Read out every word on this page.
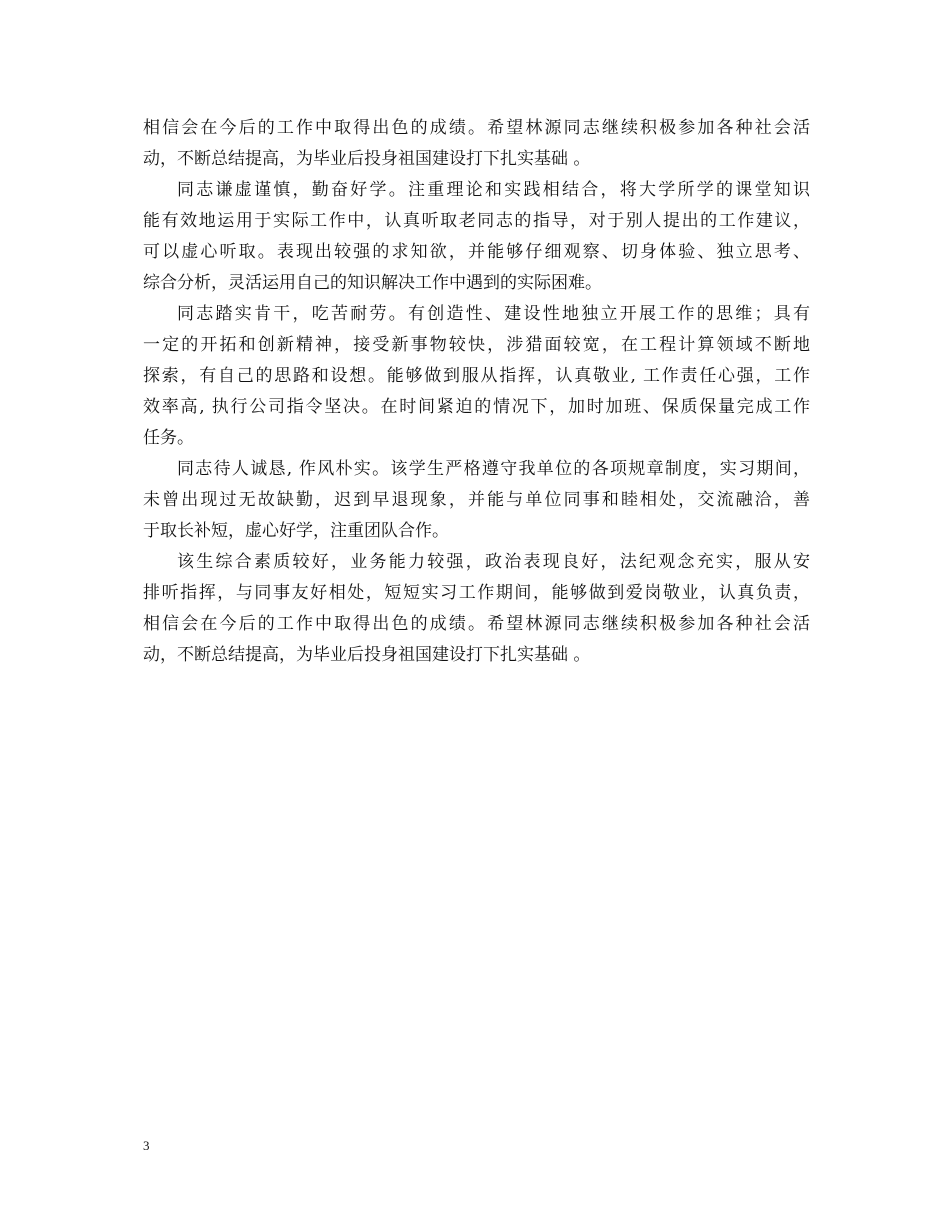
相信会在今后的工作中取得出色的成绩。希望林源同志继续积极参加各种社会活
动，不断总结提高，为毕业后投身祖国建设打下扎实基础 。
同志谦虚谨慎，勤奋好学。注重理论和实践相结合，将大学所学的课堂知识
能有效地运用于实际工作中，认真听取老同志的指导，对于别人提出的工作建议，
可以虚心听取。表现出较强的求知欲，并能够仔细观察、切身体验、独立思考、
综合分析，灵活运用自己的知识解决工作中遇到的实际困难。
同志踏实肯干，吃苦耐劳。有创造性、建设性地独立开展工作的思维；具有
一定的开拓和创新精神，接受新事物较快，涉猎面较宽，在工程计算领域不断地
探索，有自己的思路和设想。能够做到服从指挥，认真敬业, 工作责任心强，工作
效率高, 执行公司指令坚决。在时间紧迫的情况下，加时加班、保质保量完成工作
任务。
同志待人诚恳, 作风朴实。该学生严格遵守我单位的各项规章制度，实习期间，
未曾出现过无故缺勤，迟到早退现象，并能与单位同事和睦相处，交流融洽，善
于取长补短，虚心好学，注重团队合作。
该生综合素质较好，业务能力较强，政治表现良好，法纪观念充实，服从安
排听指挥，与同事友好相处，短短实习工作期间，能够做到爱岗敬业，认真负责，
相信会在今后的工作中取得出色的成绩。希望林源同志继续积极参加各种社会活
动，不断总结提高，为毕业后投身祖国建设打下扎实基础 。
3
